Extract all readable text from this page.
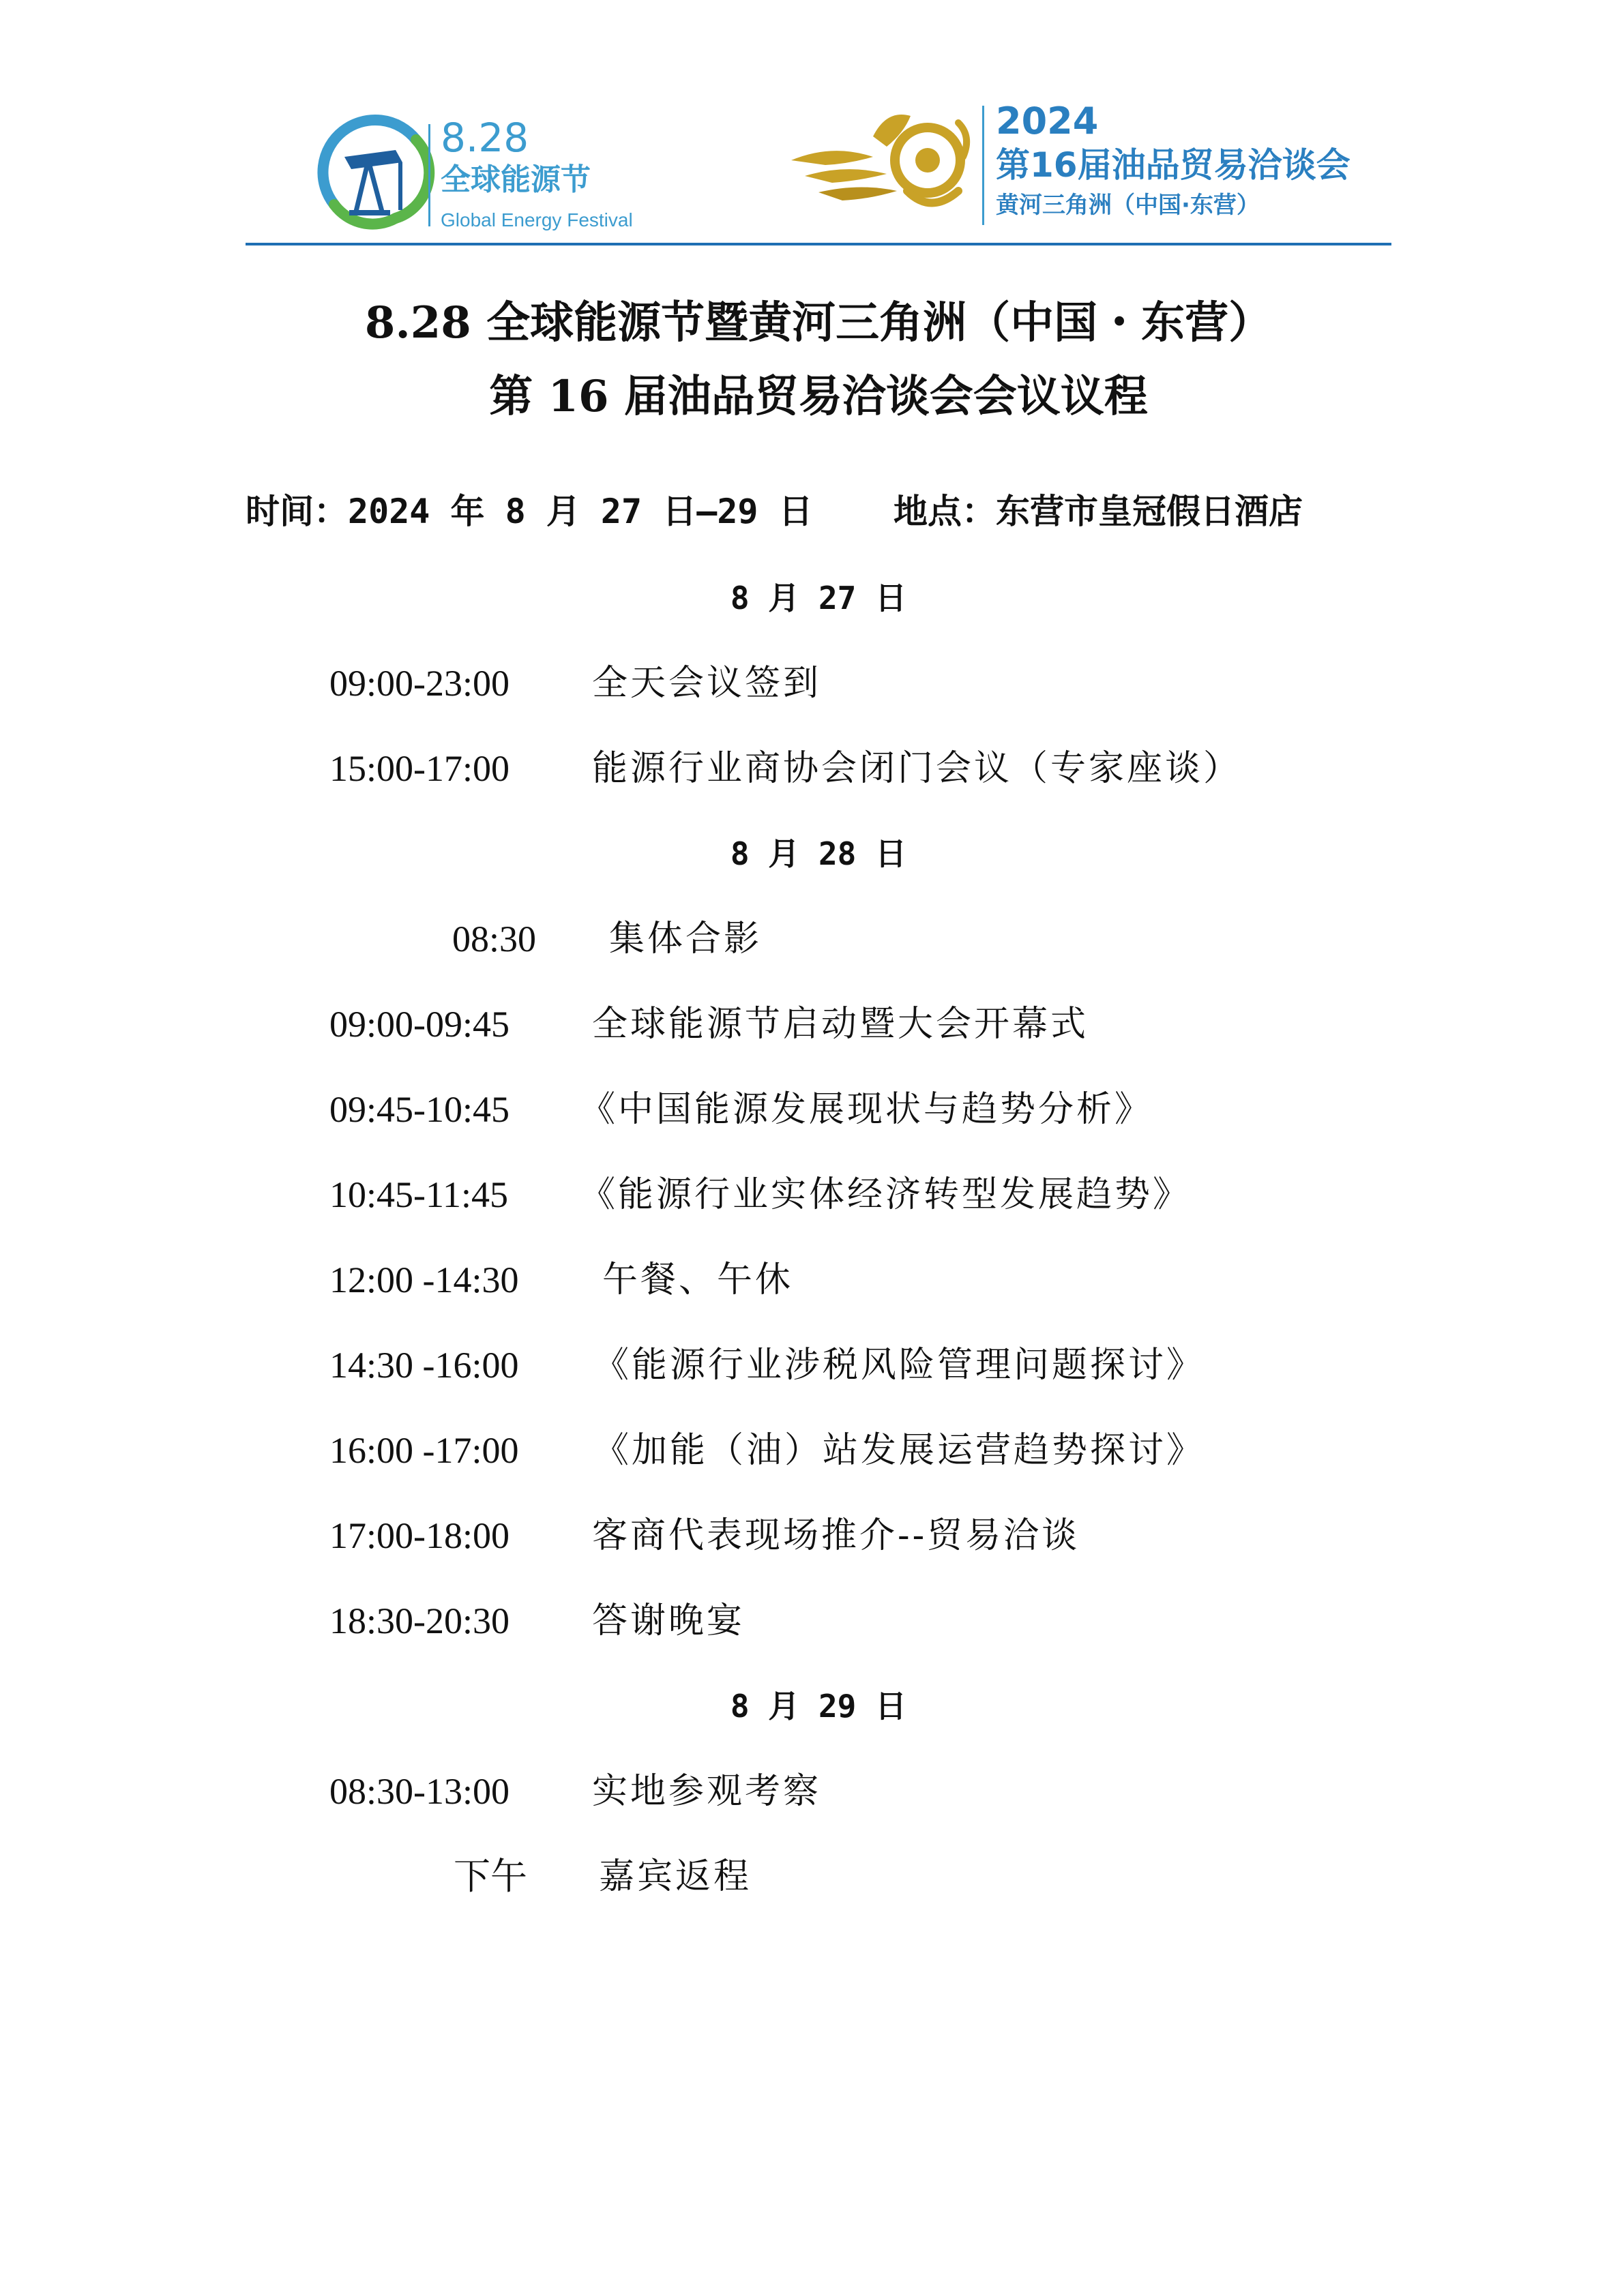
8.28
全球能源节
Global Energy Festival
2024
第16届油品贸易洽谈会
黄河三角洲（中国·东营）
8.28 全球能源节暨黄河三角洲（中国・东营）
第 16 届油品贸易洽谈会会议议程
时间：2024 年 8 月 27 日–29 日 地点：东营市皇冠假日酒店
8 月 27 日
09:00-23:00 全天会议签到
15:00-17:00 能源行业商协会闭门会议（专家座谈）
8 月 28 日
08:30 集体合影
09:00-09:45 全球能源节启动暨大会开幕式
09:45-10:45 《中国能源发展现状与趋势分析》
10:45-11:45 《能源行业实体经济转型发展趋势》
12:00 -14:30 午餐、午休
14:30 -16:00 《能源行业涉税风险管理问题探讨》
16:00 -17:00 《加能（油）站发展运营趋势探讨》
17:00-18:00 客商代表现场推介--贸易洽谈
18:30-20:30 答谢晚宴
8 月 29 日
08:30-13:00 实地参观考察
下午 嘉宾返程
